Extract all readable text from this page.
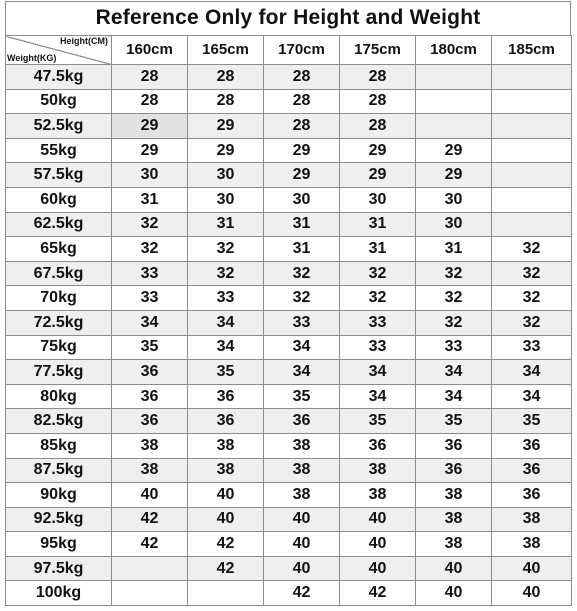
Reference Only for Height and Weight
Height(CM)
Weight(KG)	160cm	165cm	170cm	175cm	180cm	185cm
47.5kg	28	28	28	28		
50kg	28	28	28	28		
52.5kg	29	29	28	28		
55kg	29	29	29	29	29	
57.5kg	30	30	29	29	29	
60kg	31	30	30	30	30	
62.5kg	32	31	31	31	30	
65kg	32	32	31	31	31	32
67.5kg	33	32	32	32	32	32
70kg	33	33	32	32	32	32
72.5kg	34	34	33	33	32	32
75kg	35	34	34	33	33	33
77.5kg	36	35	34	34	34	34
80kg	36	36	35	34	34	34
82.5kg	36	36	36	35	35	35
85kg	38	38	38	36	36	36
87.5kg	38	38	38	38	36	36
90kg	40	40	38	38	38	36
92.5kg	42	40	40	40	38	38
95kg	42	42	40	40	38	38
97.5kg		42	40	40	40	40
100kg			42	42	40	40
